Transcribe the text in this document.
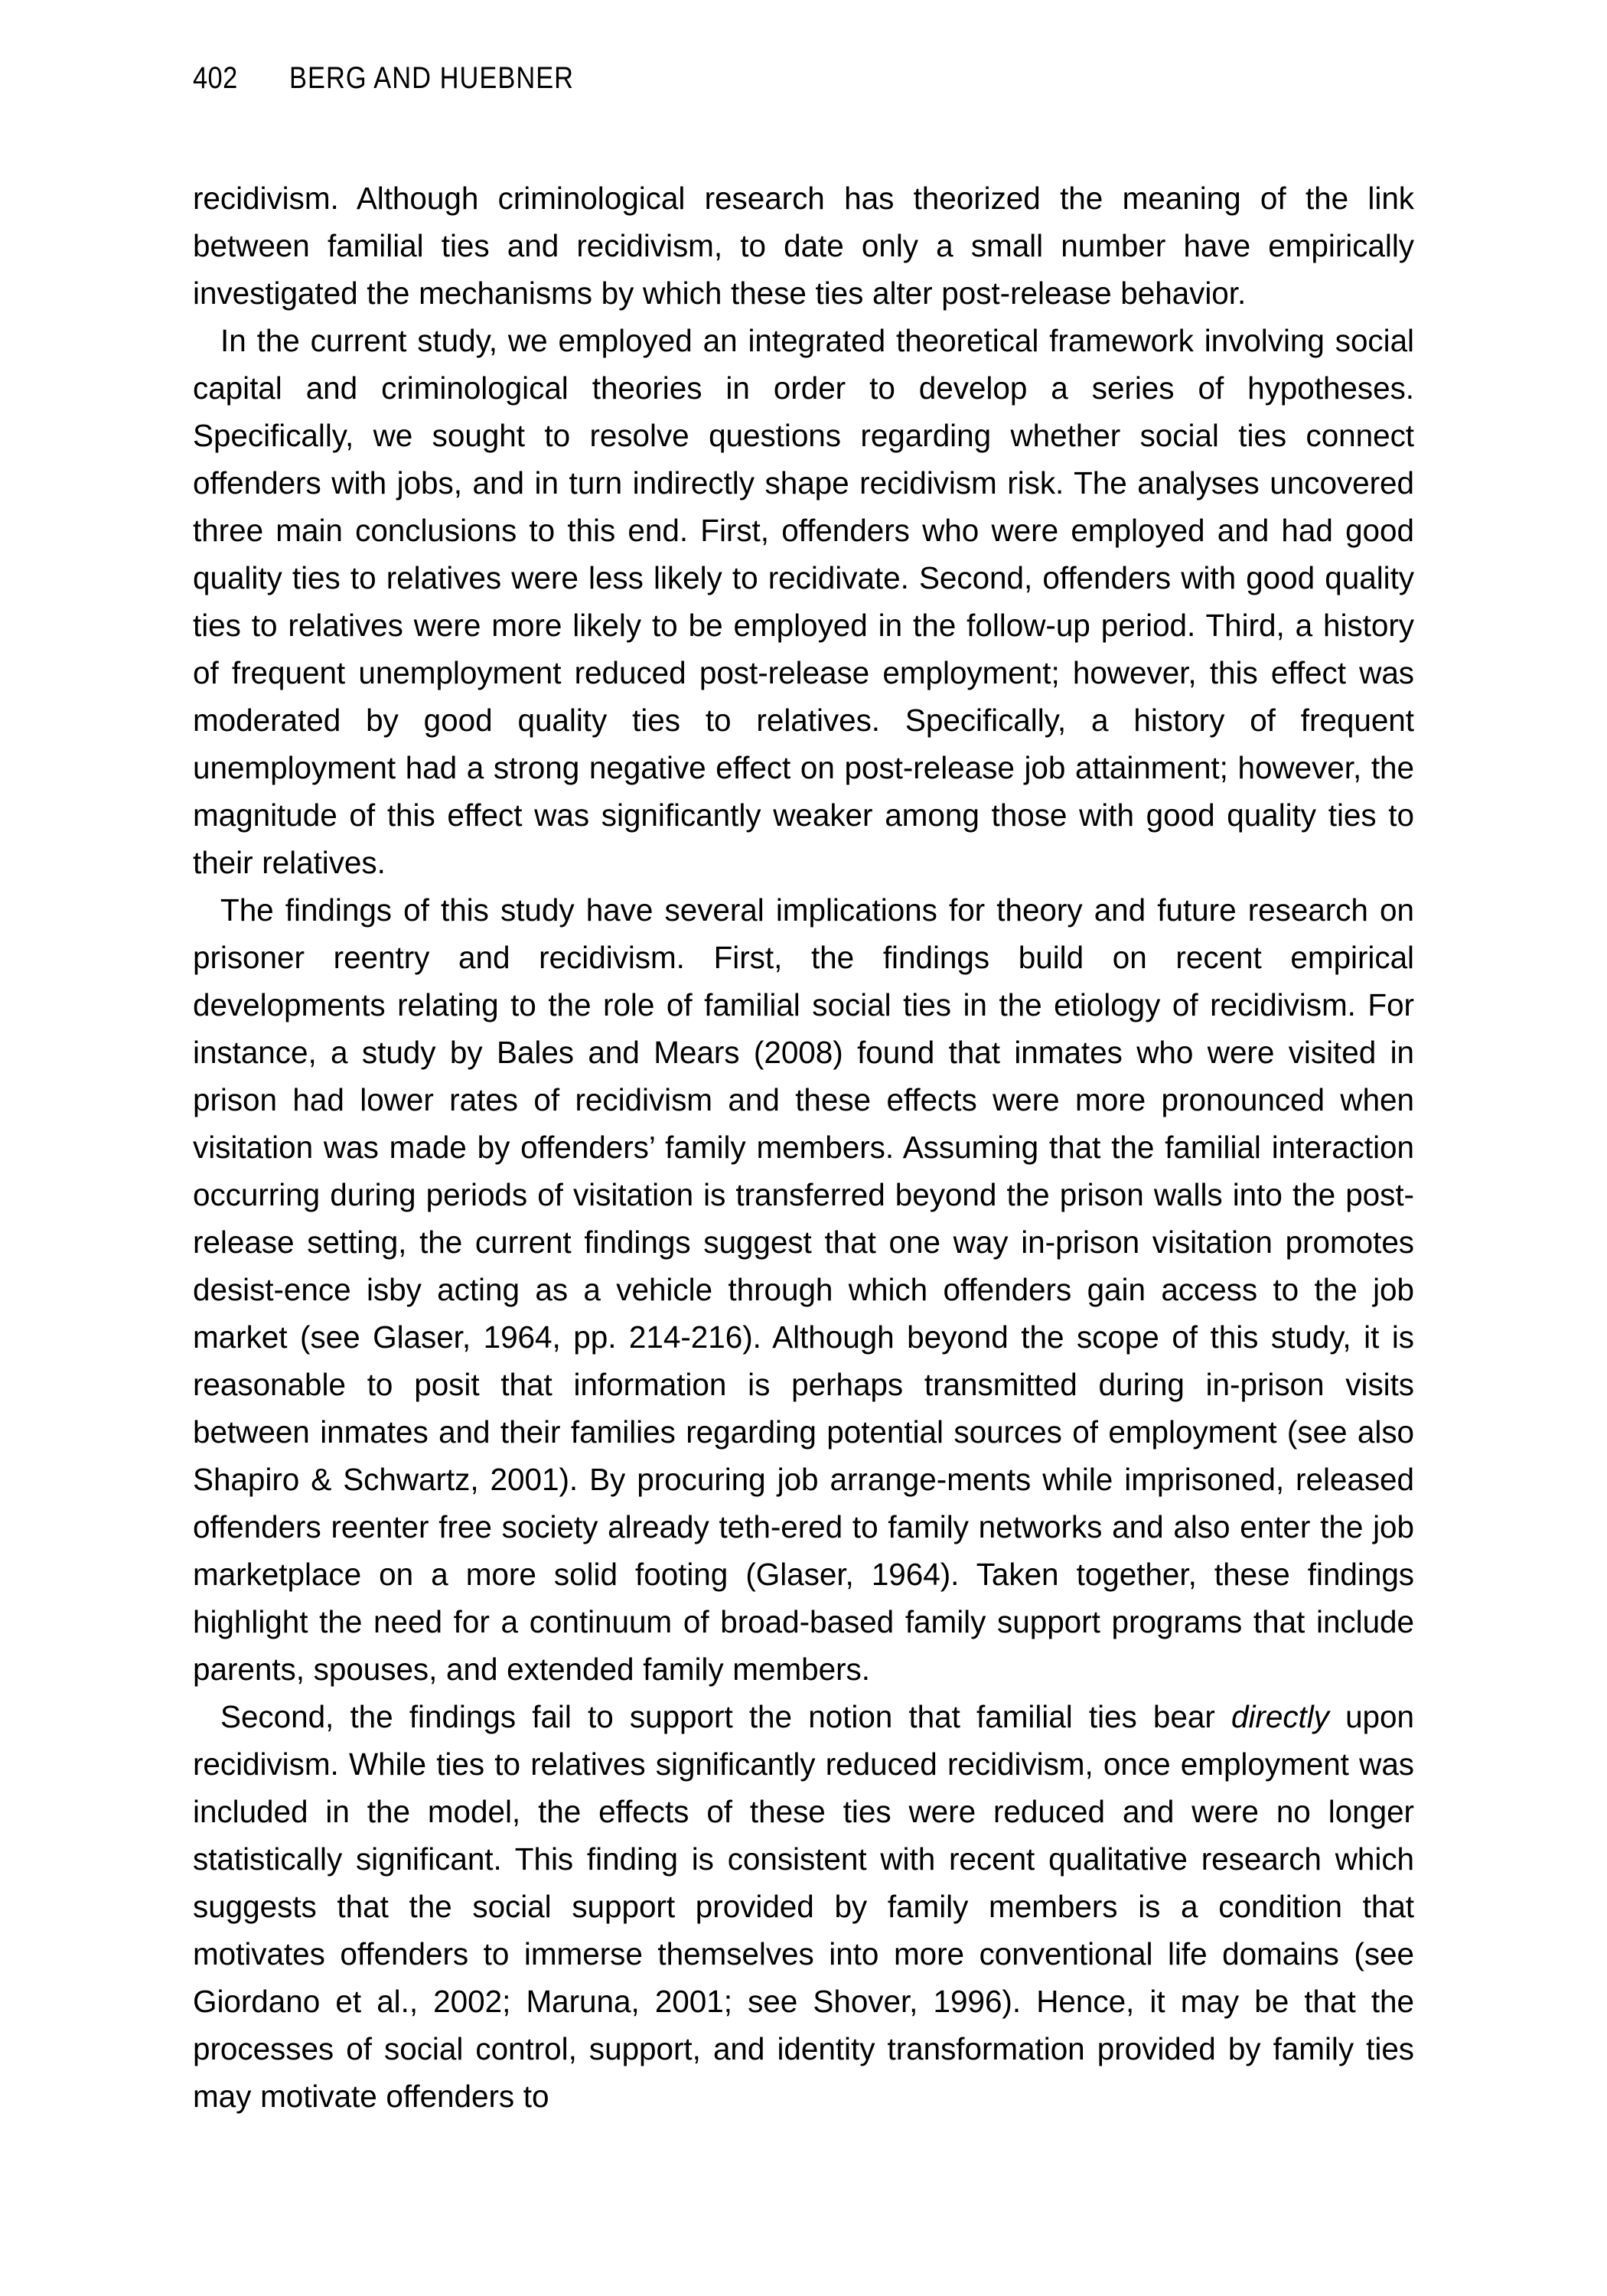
402 BERG AND HUEBNER

recidivism. Although criminological research has theorized the meaning of the link between familial ties and recidivism, to date only a small number have empirically investigated the mechanisms by which these ties alter post-release behavior.

In the current study, we employed an integrated theoretical framework involving social capital and criminological theories in order to develop a series of hypotheses. Specifically, we sought to resolve questions regarding whether social ties connect offenders with jobs, and in turn indirectly shape recidivism risk. The analyses uncovered three main conclusions to this end. First, offenders who were employed and had good quality ties to relatives were less likely to recidivate. Second, offenders with good quality ties to relatives were more likely to be employed in the follow-up period. Third, a history of frequent unemployment reduced post-release employment; however, this effect was moderated by good quality ties to relatives. Specifically, a history of frequent unemployment had a strong negative effect on post-release job attainment; however, the magnitude of this effect was significantly weaker among those with good quality ties to their relatives.

The findings of this study have several implications for theory and future research on prisoner reentry and recidivism. First, the findings build on recent empirical developments relating to the role of familial social ties in the etiology of recidivism. For instance, a study by Bales and Mears (2008) found that inmates who were visited in prison had lower rates of recidivism and these effects were more pronounced when visitation was made by offenders’ family members. Assuming that the familial interaction occurring during periods of visitation is transferred beyond the prison walls into the post-release setting, the current findings suggest that one way in-prison visitation promotes desist-ence isby acting as a vehicle through which offenders gain access to the job market (see Glaser, 1964, pp. 214-216). Although beyond the scope of this study, it is reasonable to posit that information is perhaps transmitted during in-prison visits between inmates and their families regarding potential sources of employment (see also Shapiro & Schwartz, 2001). By procuring job arrange-ments while imprisoned, released offenders reenter free society already teth-ered to family networks and also enter the job marketplace on a more solid footing (Glaser, 1964). Taken together, these findings highlight the need for a continuum of broad-based family support programs that include parents, spouses, and extended family members.

Second, the findings fail to support the notion that familial ties bear directly upon recidivism. While ties to relatives significantly reduced recidivism, once employment was included in the model, the effects of these ties were reduced and were no longer statistically significant. This finding is consistent with recent qualitative research which suggests that the social support provided by family members is a condition that motivates offenders to immerse themselves into more conventional life domains (see Giordano et al., 2002; Maruna, 2001; see Shover, 1996). Hence, it may be that the processes of social control, support, and identity transformation provided by family ties may motivate offenders to
